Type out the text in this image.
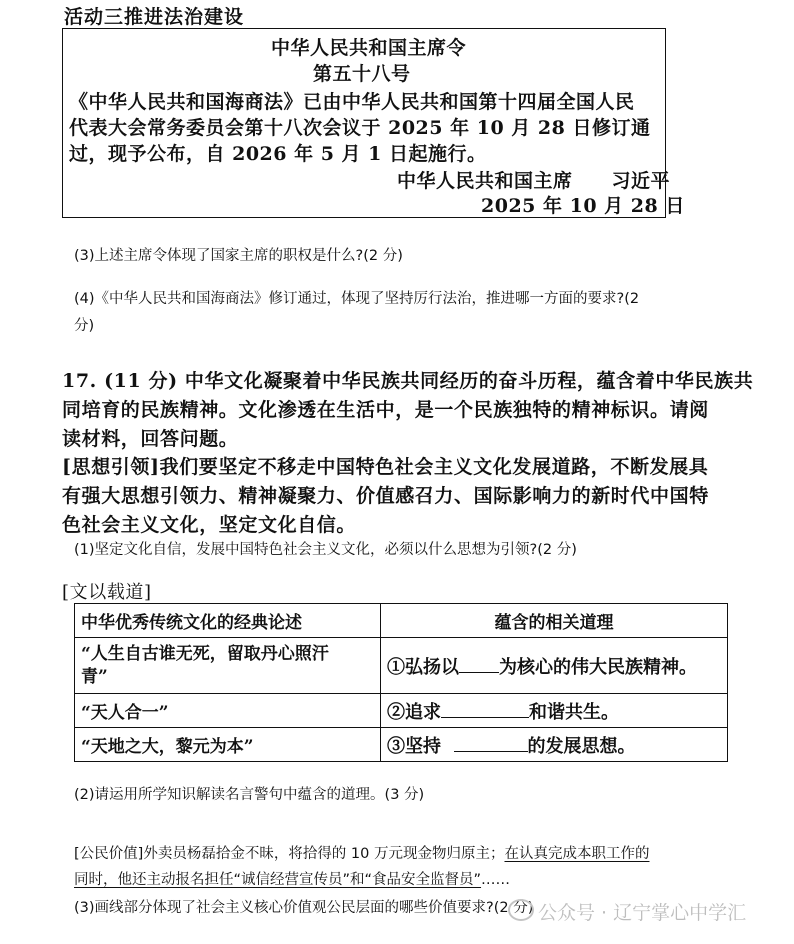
活动三推进法治建设
中华人民共和国主席令
第五十八号
《中华人民共和国海商法》已由中华人民共和国第十四届全国人民
代表大会常务委员会第十八次会议于 2025 年 10 月 28 日修订通
过，现予公布，自 2026 年 5 月 1 日起施行。
中华人民共和国主席　　习近平
2025 年 10 月 28 日
(3)上述主席令体现了国家主席的职权是什么?(2 分)
(4)《中华人民共和国海商法》修订通过，体现了坚持厉行法治，推进哪一方面的要求?(2
分)
17. (11 分) 中华文化凝聚着中华民族共同经历的奋斗历程，蕴含着中华民族共
同培育的民族精神。文化渗透在生活中，是一个民族独特的精神标识。请阅
读材料，回答问题。
[思想引领]我们要坚定不移走中国特色社会主义文化发展道路，不断发展具
有强大思想引领力、精神凝聚力、价值感召力、国际影响力的新时代中国特
色社会主义文化，坚定文化自信。
(1)坚定文化自信，发展中国特色社会主义文化，必须以什么思想为引领?(2 分)
[文以载道]
中华优秀传统文化的经典论述	蕴含的相关道理
“人生自古谁无死，留取丹心照汗
青”	①弘扬以 为核心的伟大民族精神。
“天人合一”	②追求 和谐共生。
“天地之大，黎元为本”	③坚持 的发展思想。
(2)请运用所学知识解读名言警句中蕴含的道理。(3 分)
[公民价值]外卖员杨磊拾金不昧，将拾得的 10 万元现金物归原主；在认真完成本职工作的
同时，他还主动报名担任“诚信经营宣传员”和“食品安全监督员”……
(3)画线部分体现了社会主义核心价值观公民层面的哪些价值要求?(2 分) 公众号 · 辽宁掌心中学汇
